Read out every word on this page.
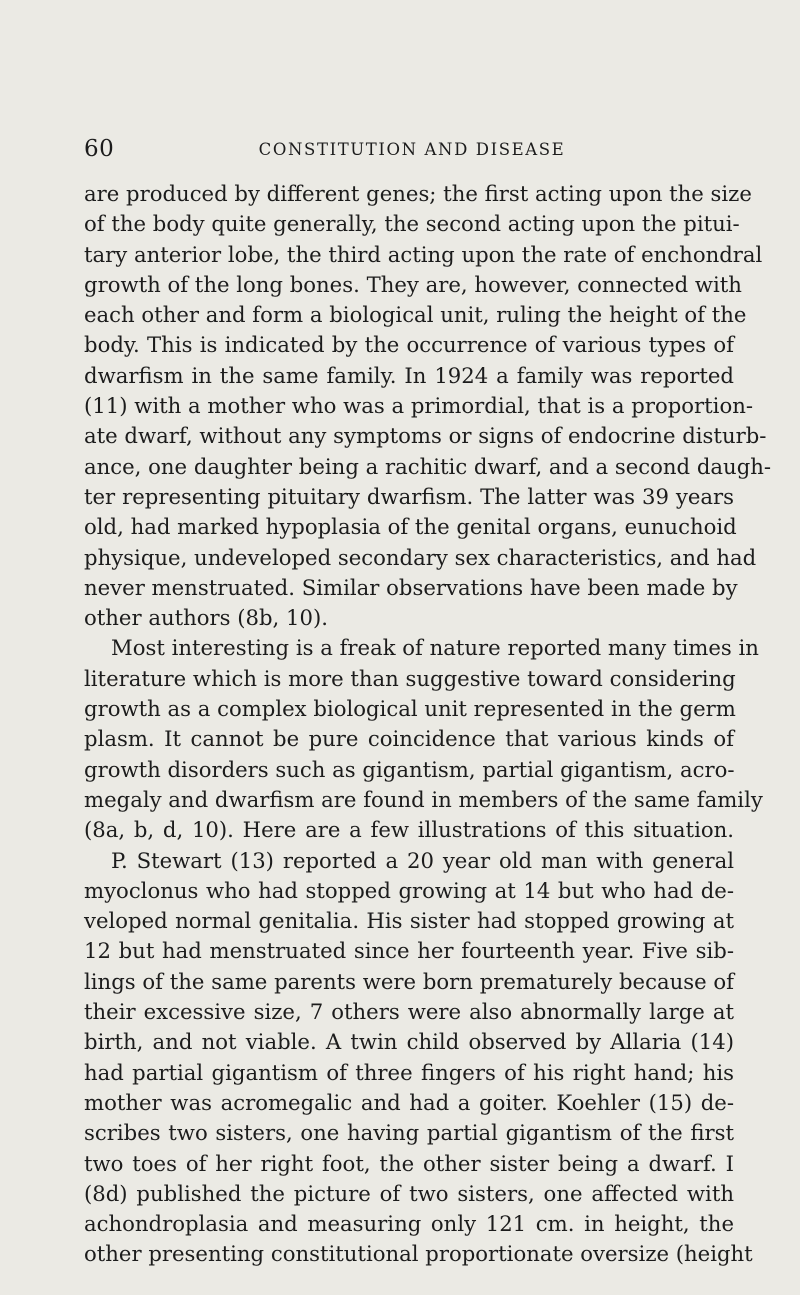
60	CONSTITUTION AND DISEASE
are produced by different genes; the first acting upon the size
of the body quite generally, the second acting upon the pitui-
tary anterior lobe, the third acting upon the rate of enchondral
growth of the long bones. They are, however, connected with
each other and form a biological unit, ruling the height of the
body. This is indicated by the occurrence of various types of
dwarfism in the same family. In 1924 a family was reported
(11) with a mother who was a primordial, that is a proportion-
ate dwarf, without any symptoms or signs of endocrine disturb-
ance, one daughter being a rachitic dwarf, and a second daugh-
ter representing pituitary dwarfism. The latter was 39 years
old, had marked hypoplasia of the genital organs, eunuchoid
physique, undeveloped secondary sex characteristics, and had
never menstruated. Similar observations have been made by
other authors (8b, 10).
Most interesting is a freak of nature reported many times in
literature which is more than suggestive toward considering
growth as a complex biological unit represented in the germ
plasm. It cannot be pure coincidence that various kinds of
growth disorders such as gigantism, partial gigantism, acro-
megaly and dwarfism are found in members of the same family
(8a, b, d, 10). Here are a few illustrations of this situation.
P. Stewart (13) reported a 20 year old man with general
myoclonus who had stopped growing at 14 but who had de-
veloped normal genitalia. His sister had stopped growing at
12 but had menstruated since her fourteenth year. Five sib-
lings of the same parents were born prematurely because of
their excessive size, 7 others were also abnormally large at
birth, and not viable. A twin child observed by Allaria (14)
had partial gigantism of three fingers of his right hand; his
mother was acromegalic and had a goiter. Koehler (15) de-
scribes two sisters, one having partial gigantism of the first
two toes of her right foot, the other sister being a dwarf. I
(8d) published the picture of two sisters, one affected with
achondroplasia and measuring only 121 cm. in height, the
other presenting constitutional proportionate oversize (height
